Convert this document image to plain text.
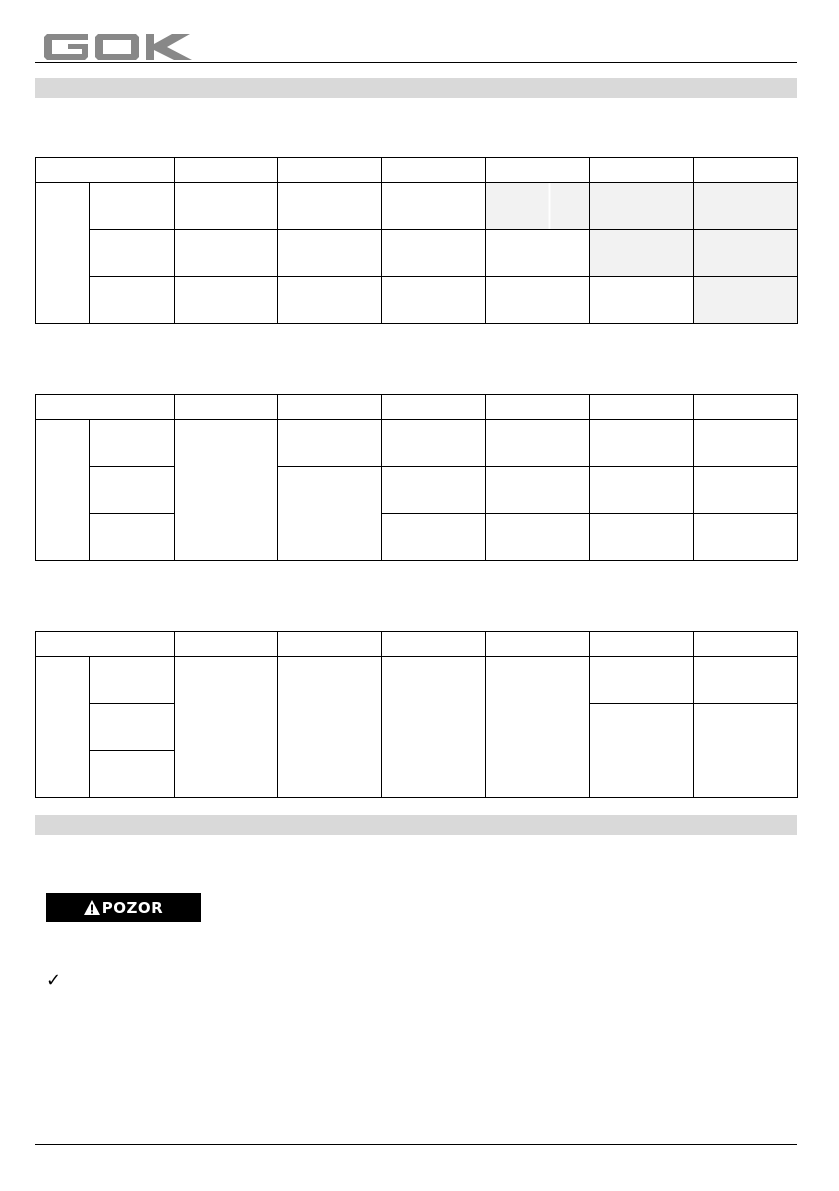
POZOR
✓
